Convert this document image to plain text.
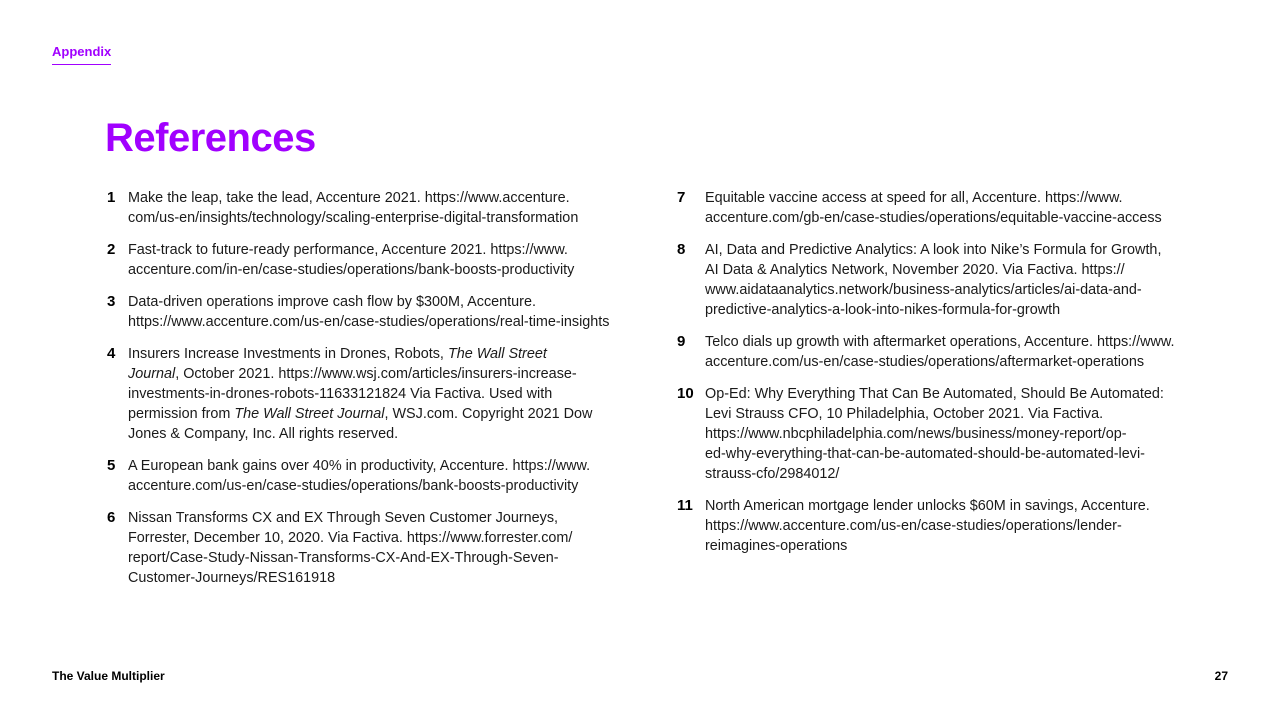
Appendix
References
1 Make the leap, take the lead, Accenture 2021. https://www.accenture.
com/us-en/insights/technology/scaling-enterprise-digital-transformation
2 Fast-track to future-ready performance, Accenture 2021. https://www.
accenture.com/in-en/case-studies/operations/bank-boosts-productivity
3 Data-driven operations improve cash flow by $300M, Accenture.
https://www.accenture.com/us-en/case-studies/operations/real-time-insights
4 Insurers Increase Investments in Drones, Robots, The Wall Street
Journal, October 2021. https://www.wsj.com/articles/insurers-increase-
investments-in-drones-robots-11633121824 Via Factiva. Used with
permission from The Wall Street Journal, WSJ.com. Copyright 2021 Dow
Jones & Company, Inc. All rights reserved.
5 A European bank gains over 40% in productivity, Accenture. https://www.
accenture.com/us-en/case-studies/operations/bank-boosts-productivity
6 Nissan Transforms CX and EX Through Seven Customer Journeys,
Forrester, December 10, 2020. Via Factiva. https://www.forrester.com/
report/Case-Study-Nissan-Transforms-CX-And-EX-Through-Seven-
Customer-Journeys/RES161918
7	Equitable vaccine access at speed for all, Accenture. https://www.
accenture.com/gb-en/case-studies/operations/equitable-vaccine-access
8	AI, Data and Predictive Analytics: A look into Nike’s Formula for Growth,
AI Data & Analytics Network, November 2020. Via Factiva. https://
www.aidataanalytics.network/business-analytics/articles/ai-data-and-
predictive-analytics-a-look-into-nikes-formula-for-growth
9	Telco dials up growth with aftermarket operations, Accenture. https://www.
accenture.com/us-en/case-studies/operations/aftermarket-operations
10 Op-Ed: Why Everything That Can Be Automated, Should Be Automated:
Levi Strauss CFO, 10 Philadelphia, October 2021. Via Factiva.
https://www.nbcphiladelphia.com/news/business/money-report/op-
ed-why-everything-that-can-be-automated-should-be-automated-levi-
strauss-cfo/2984012/
11 North American mortgage lender unlocks $60M in savings, Accenture.
https://www.accenture.com/us-en/case-studies/operations/lender-
reimagines-operations
The Value Multiplier	27
